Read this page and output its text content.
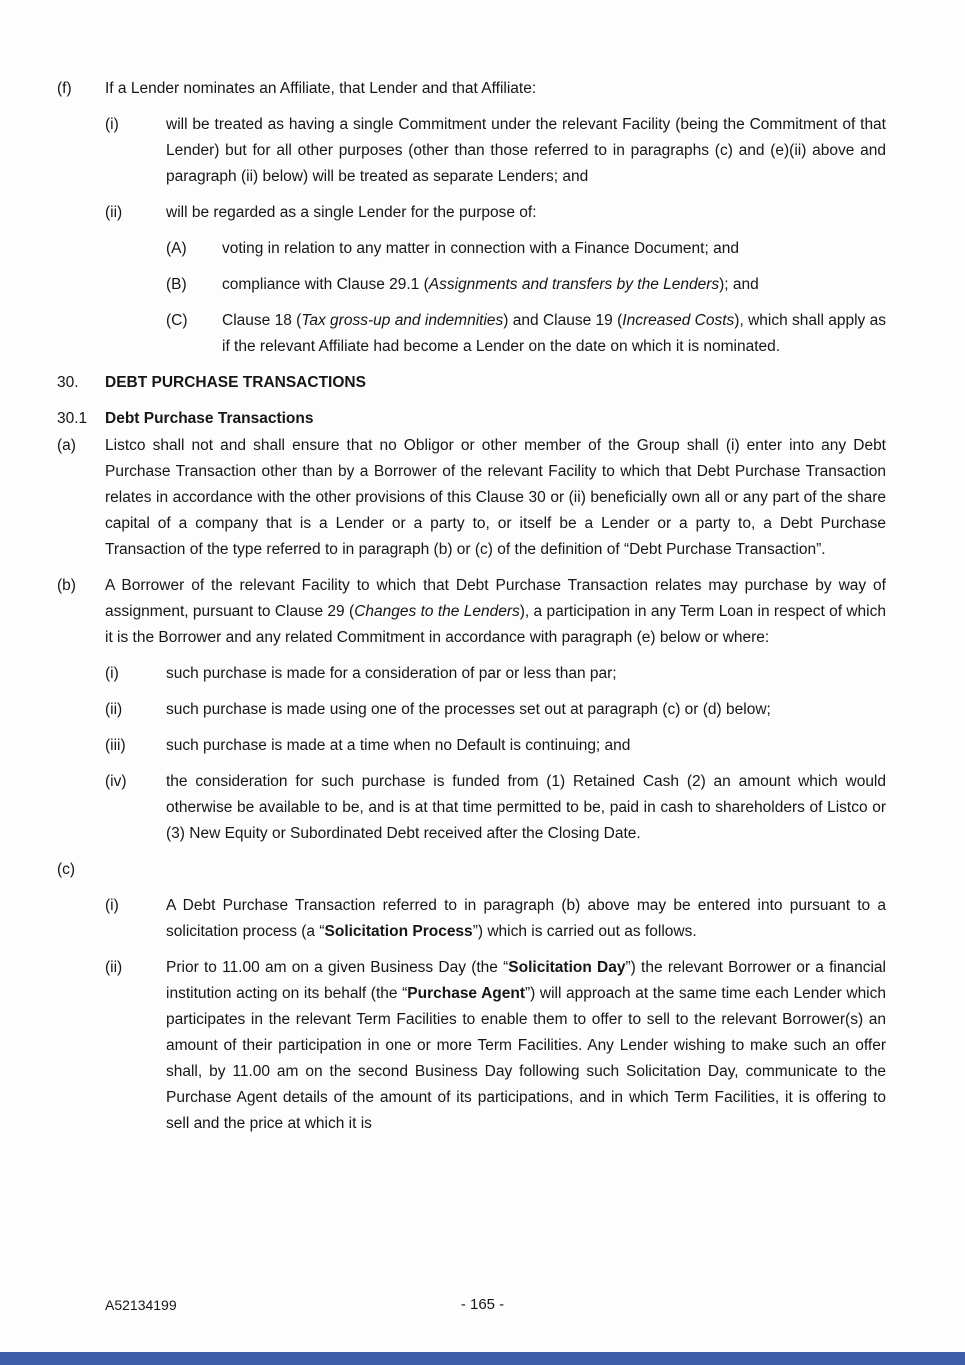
(f)	If a Lender nominates an Affiliate, that Lender and that Affiliate:
(i)	will be treated as having a single Commitment under the relevant Facility (being the Commitment of that Lender) but for all other purposes (other than those referred to in paragraphs (c) and (e)(ii) above and paragraph (ii) below) will be treated as separate Lenders; and
(ii)	will be regarded as a single Lender for the purpose of:
(A)	voting in relation to any matter in connection with a Finance Document; and
(B)	compliance with Clause 29.1 (Assignments and transfers by the Lenders); and
(C)	Clause 18 (Tax gross-up and indemnities) and Clause 19 (Increased Costs), which shall apply as if the relevant Affiliate had become a Lender on the date on which it is nominated.
30.	DEBT PURCHASE TRANSACTIONS
30.1	Debt Purchase Transactions
(a)	Listco shall not and shall ensure that no Obligor or other member of the Group shall (i) enter into any Debt Purchase Transaction other than by a Borrower of the relevant Facility to which that Debt Purchase Transaction relates in accordance with the other provisions of this Clause 30 or (ii) beneficially own all or any part of the share capital of a company that is a Lender or a party to, or itself be a Lender or a party to, a Debt Purchase Transaction of the type referred to in paragraph (b) or (c) of the definition of “Debt Purchase Transaction”.
(b)	A Borrower of the relevant Facility to which that Debt Purchase Transaction relates may purchase by way of assignment, pursuant to Clause 29 (Changes to the Lenders), a participation in any Term Loan in respect of which it is the Borrower and any related Commitment in accordance with paragraph (e) below or where:
(i)	such purchase is made for a consideration of par or less than par;
(ii)	such purchase is made using one of the processes set out at paragraph (c) or (d) below;
(iii)	such purchase is made at a time when no Default is continuing; and
(iv)	the consideration for such purchase is funded from (1) Retained Cash (2) an amount which would otherwise be available to be, and is at that time permitted to be, paid in cash to shareholders of Listco or (3) New Equity or Subordinated Debt received after the Closing Date.
(c)
(i)	A Debt Purchase Transaction referred to in paragraph (b) above may be entered into pursuant to a solicitation process (a “Solicitation Process”) which is carried out as follows.
(ii)	Prior to 11.00 am on a given Business Day (the “Solicitation Day”) the relevant Borrower or a financial institution acting on its behalf (the “Purchase Agent”) will approach at the same time each Lender which participates in the relevant Term Facilities to enable them to offer to sell to the relevant Borrower(s) an amount of their participation in one or more Term Facilities. Any Lender wishing to make such an offer shall, by 11.00 am on the second Business Day following such Solicitation Day, communicate to the Purchase Agent details of the amount of its participations, and in which Term Facilities, it is offering to sell and the price at which it is
A52134199	- 165 -
